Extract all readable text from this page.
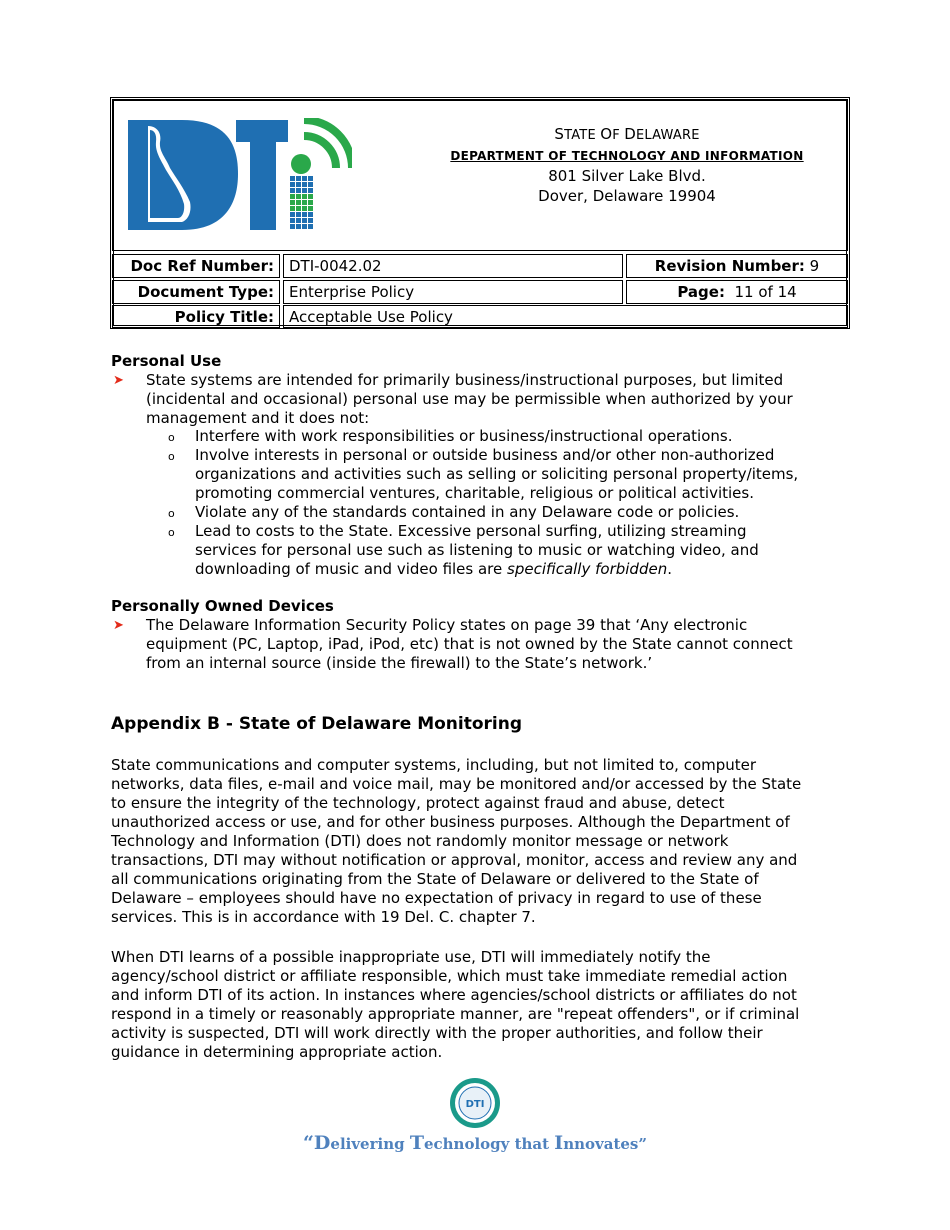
STATE OF DELAWARE
DEPARTMENT OF TECHNOLOGY AND INFORMATION
801 Silver Lake Blvd.
Dover, Delaware 19904
Doc Ref Number:	DTI-0042.02	Revision Number: 9
Document Type:	Enterprise Policy	Page: 11 of 14
Policy Title:	Acceptable Use Policy
Personal Use
➤ State systems are intended for primarily business/instructional purposes, but limited
(incidental and occasional) personal use may be permissible when authorized by your
management and it does not:
o Interfere with work responsibilities or business/instructional operations.
o Involve interests in personal or outside business and/or other non-authorized
organizations and activities such as selling or soliciting personal property/items,
promoting commercial ventures, charitable, religious or political activities.
o Violate any of the standards contained in any Delaware code or policies.
o Lead to costs to the State. Excessive personal surfing, utilizing streaming
services for personal use such as listening to music or watching video, and
downloading of music and video files are specifically forbidden.
Personally Owned Devices
➤ The Delaware Information Security Policy states on page 39 that ‘Any electronic
equipment (PC, Laptop, iPad, iPod, etc) that is not owned by the State cannot connect
from an internal source (inside the firewall) to the State’s network.’
Appendix B - State of Delaware Monitoring
State communications and computer systems, including, but not limited to, computer
networks, data files, e-mail and voice mail, may be monitored and/or accessed by the State
to ensure the integrity of the technology, protect against fraud and abuse, detect
unauthorized access or use, and for other business purposes. Although the Department of
Technology and Information (DTI) does not randomly monitor message or network
transactions, DTI may without notification or approval, monitor, access and review any and
all communications originating from the State of Delaware or delivered to the State of
Delaware – employees should have no expectation of privacy in regard to use of these
services. This is in accordance with 19 Del. C. chapter 7.
When DTI learns of a possible inappropriate use, DTI will immediately notify the
agency/school district or affiliate responsible, which must take immediate remedial action
and inform DTI of its action. In instances where agencies/school districts or affiliates do not
respond in a timely or reasonably appropriate manner, are "repeat offenders", or if criminal
activity is suspected, DTI will work directly with the proper authorities, and follow their
guidance in determining appropriate action.
DTI
“Delivering Technology that Innovates”
